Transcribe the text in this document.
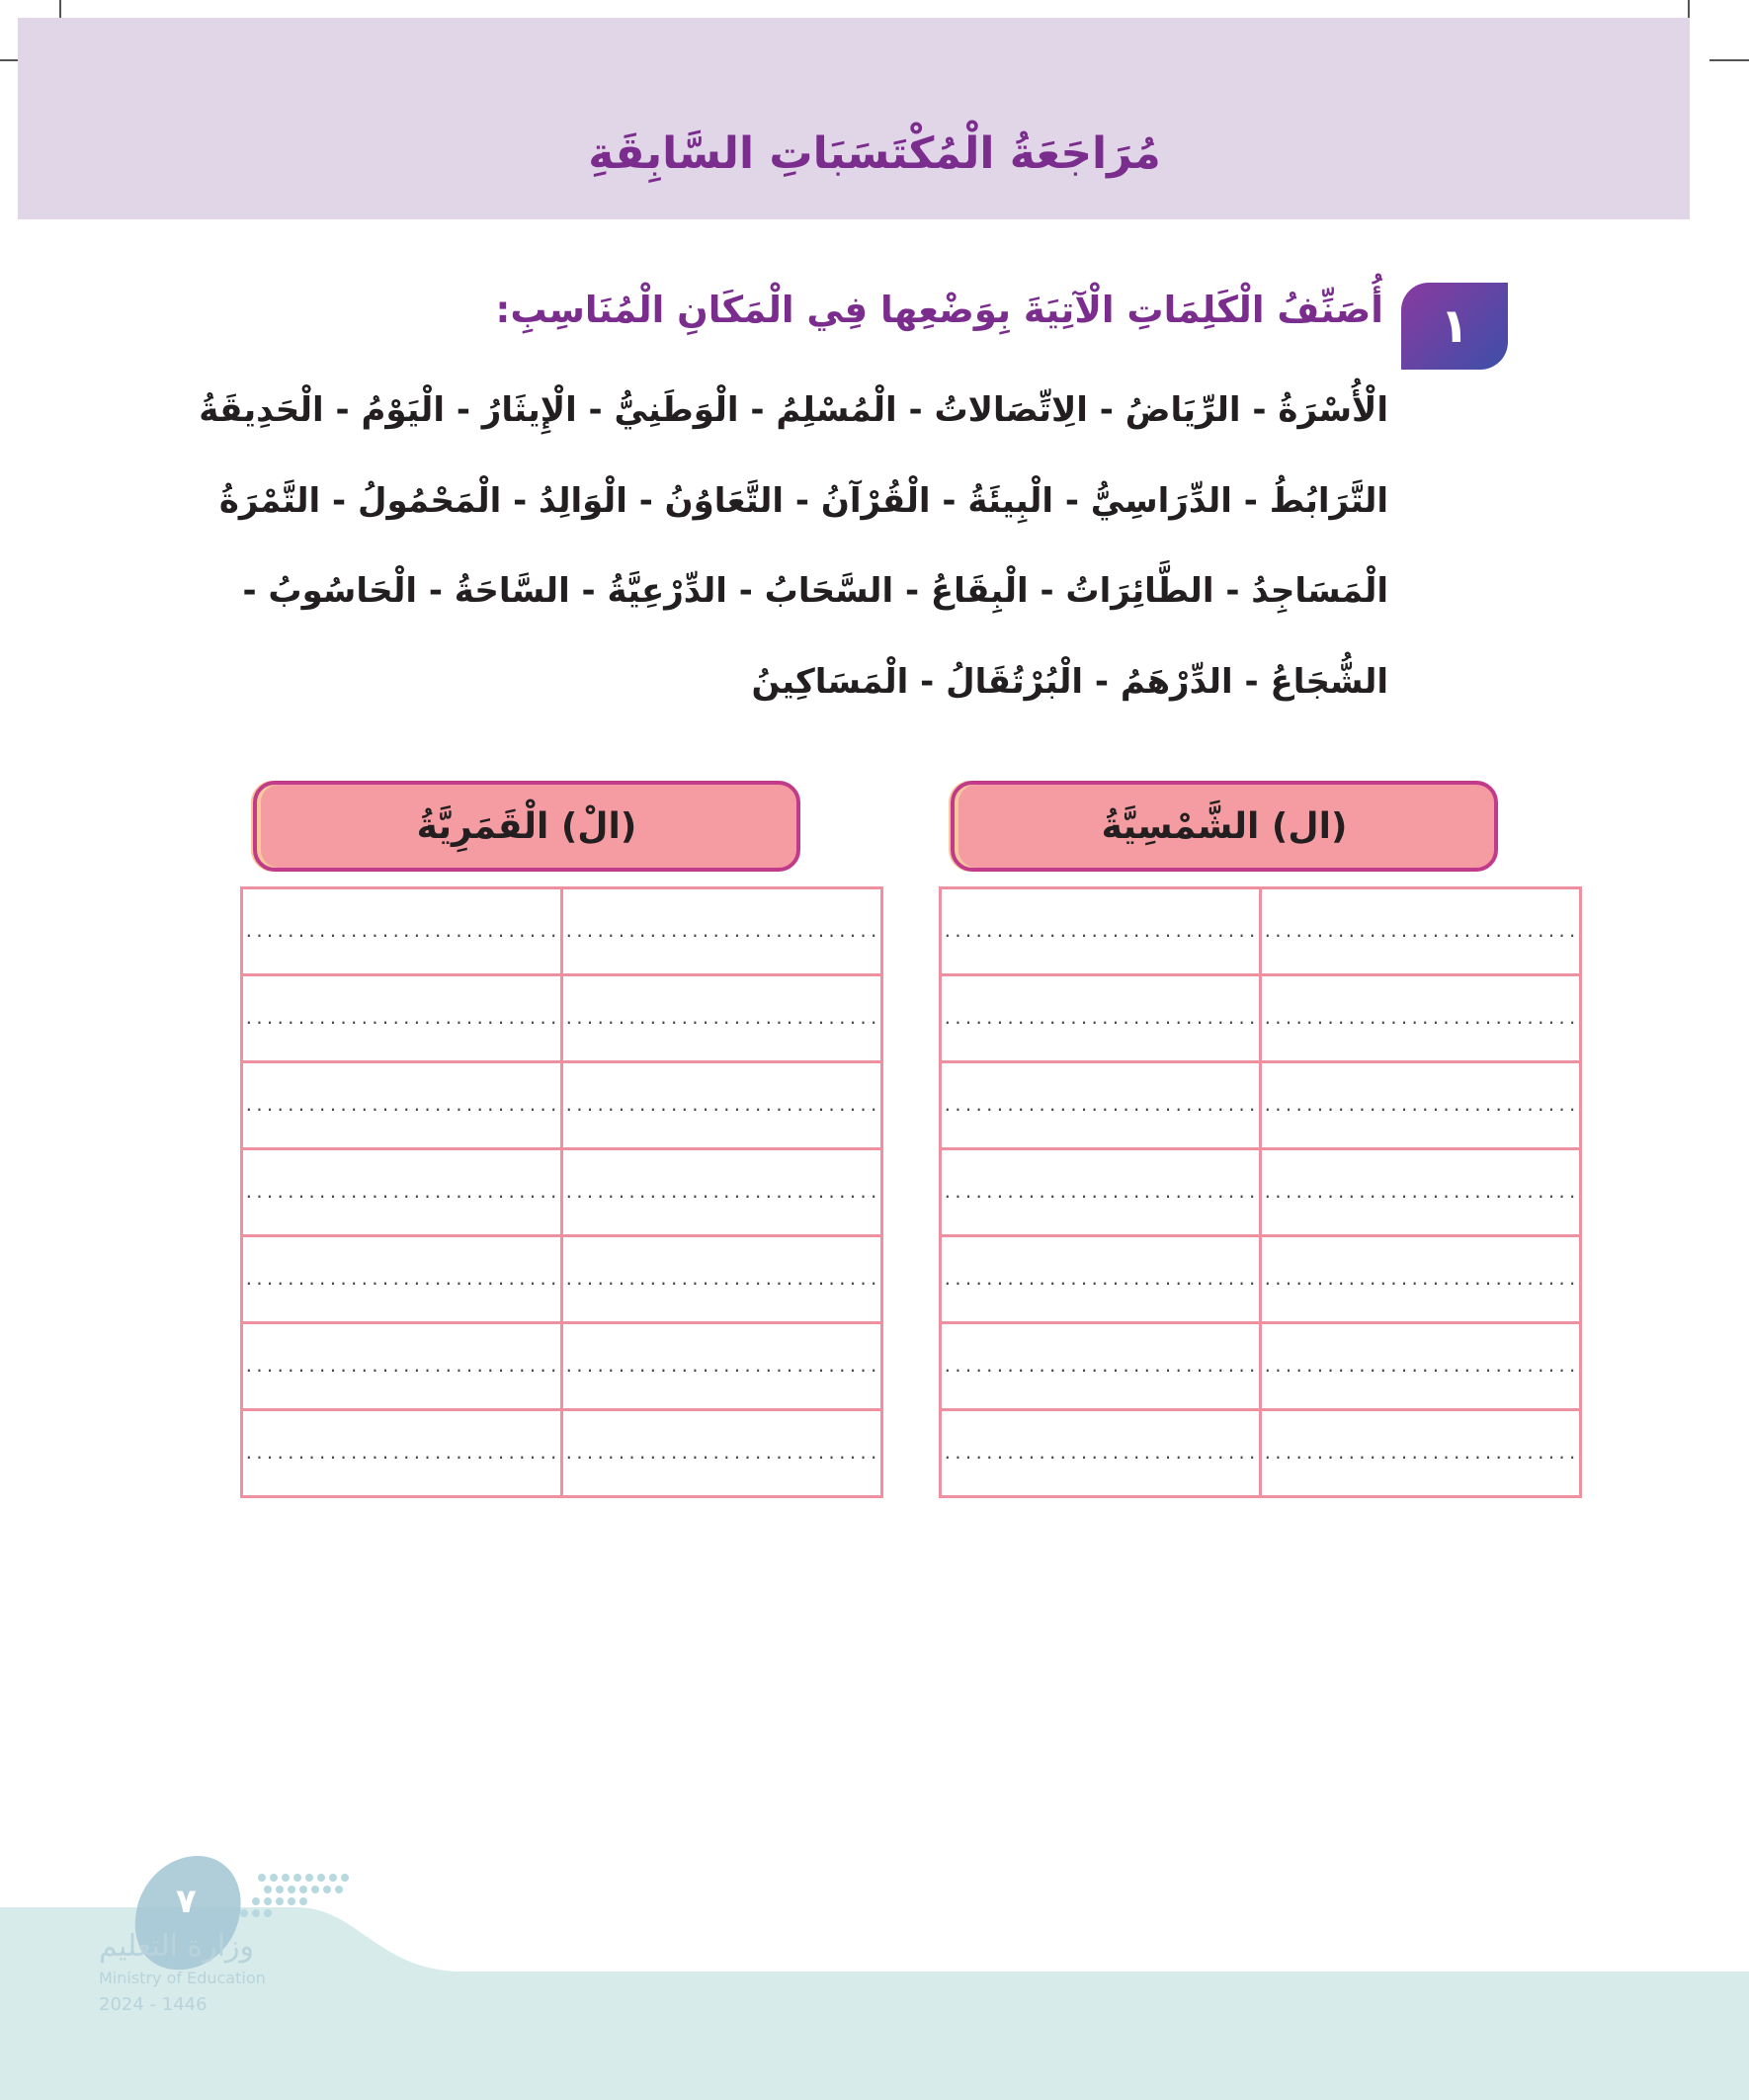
مُرَاجَعَةُ الْمُكْتَسَبَاتِ السَّابِقَةِ
١
أُصَنِّفُ الْكَلِمَاتِ الْآتِيَةَ بِوَضْعِها فِي الْمَكَانِ الْمُنَاسِبِ:
الْأُسْرَةُ - الرِّيَاضُ - الِاتِّصَالاتُ - الْمُسْلِمُ - الْوَطَنِيُّ - الْإِيثَارُ - الْيَوْمُ - الْحَدِيقَةُ
التَّرَابُطُ - الدِّرَاسِيُّ - الْبِيئَةُ - الْقُرْآنُ - التَّعَاوُنُ - الْوَالِدُ - الْمَحْمُولُ - التَّمْرَةُ
الْمَسَاجِدُ - الطَّائِرَاتُ - الْبِقَاعُ - السَّحَابُ - الدِّرْعِيَّةُ - السَّاحَةُ - الْحَاسُوبُ -
الشُّجَاعُ - الدِّرْهَمُ - الْبُرْتُقَالُ - الْمَسَاكِينُ
(ال) الشَّمْسِيَّةُ
(الْ) الْقَمَرِيَّةُ
..............................	..............................
..............................	..............................
..............................	..............................
..............................	..............................
..............................	..............................
..............................	..............................
..............................	..............................
..............................	..............................
..............................	..............................
..............................	..............................
..............................	..............................
..............................	..............................
..............................	..............................
..............................	..............................
٧
وزارة التعليم
Ministry of Education
2024 - 1446
